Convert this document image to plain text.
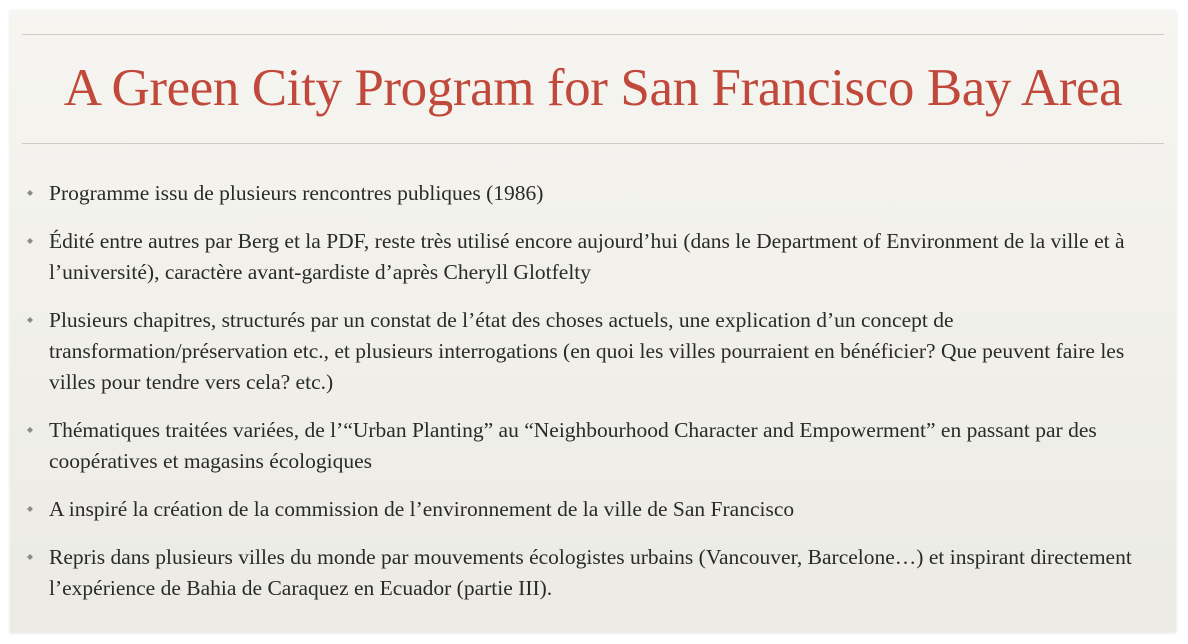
A Green City Program for San Francisco Bay Area
Programme issu de plusieurs rencontres publiques (1986)
Édité entre autres par Berg et la PDF, reste très utilisé encore aujourd’hui (dans le Department of Environment de la ville et à l’université), caractère avant-gardiste d’après Cheryll Glotfelty
Plusieurs chapitres, structurés par un constat de l’état des choses actuels, une explication d’un concept de transformation/préservation etc., et plusieurs interrogations (en quoi les villes pourraient en bénéficier? Que peuvent faire les villes pour tendre vers cela? etc.)
Thématiques traitées variées, de l’“Urban Planting” au “Neighbourhood Character and Empowerment” en passant par des coopératives et magasins écologiques
A inspiré la création de la commission de l’environnement de la ville de San Francisco
Repris dans plusieurs villes du monde par mouvements écologistes urbains (Vancouver, Barcelone…) et inspirant directement l’expérience de Bahia de Caraquez en Ecuador (partie III).
